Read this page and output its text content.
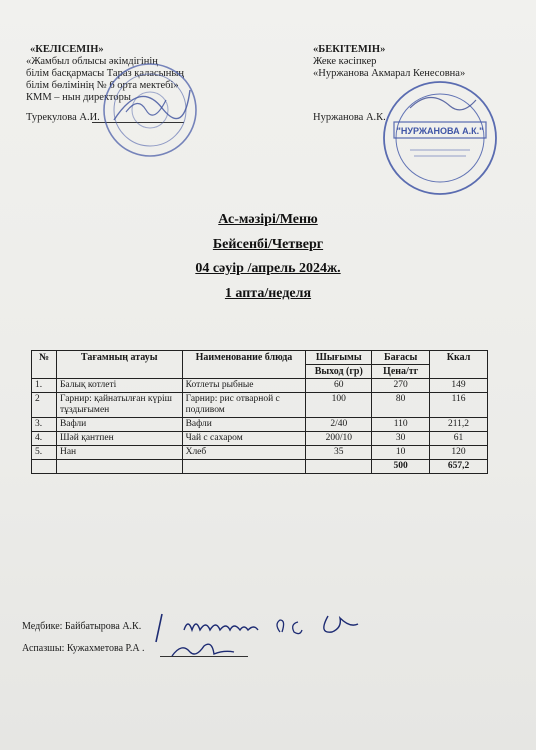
«КЕЛІСЕМІН»
«Жамбыл облысы әкімдігінің
білім басқармасы Тараз қаласының
білім бөлімінің № 6 орта мектебі»
КММ – нын директоры
Турекулова А.И.
«БЕКІТЕМІН»
Жеке кәсіпкер
«Нуржанова Акмарал Кенесовна»
Нуржанова А.К.
"НУРЖАНОВА А.К."
Ас-мәзірі/Меню
Бейсенбі/Четверг
04 сәуір /апрель 2024ж.
1 апта/неделя
№	Тағамның атауы	Наименование блюда	Шығымы	Бағасы	Ккал
			Выход (гр)	Цена/тг	
1.	Балық котлеті	Котлеты рыбные	60	270	149
2	Гарнир: қайнатылған күріш тұздығымен	Гарнир: рис отварной с подливом	100	80	116
3.	Вафли	Вафли	2/40	110	211,2
4.	Шәй қантпен	Чай с сахаром	200/10	30	61
5.	Нан	Хлеб	35	10	120
				500	657,2
Медбике: Байбатырова А.К.
Аспазшы: Кужахметова Р.А .
